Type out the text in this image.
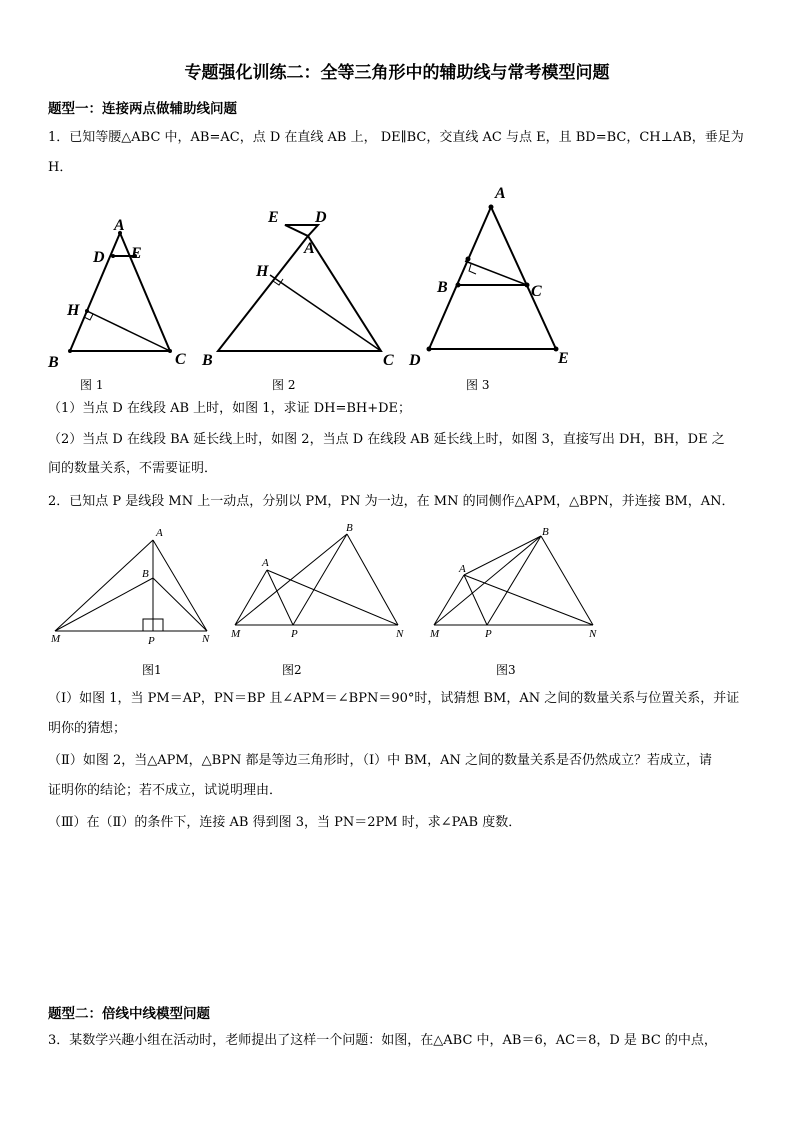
专题强化训练二：全等三角形中的辅助线与常考模型问题
题型一：连接两点做辅助线问题
1．已知等腰△ABC 中，AB=AC，点 D 在直线 AB 上， DE∥BC，交直线 AC 与点 E，且 BD=BC，CH⊥AB，垂足为
H．
A
D E
H
B	C
E D
A
H
B	C
A
B	C
D	E
图 1	图 2	图 3
（1）当点 D 在线段 AB 上时，如图 1，求证 DH=BH+DE；
（2）当点 D 在线段 BA 延长线上时，如图 2，当点 D 在线段 AB 延长线上时，如图 3，直接写出 DH，BH，DE 之
间的数量关系，不需要证明．
2．已知点 P 是线段 MN 上一动点，分别以 PM，PN 为一边，在 MN 的同侧作△APM，△BPN，并连接 BM，AN．
A
B
M	P	N
A
B
M	P	N
A
B
M	P	N
图1	图2	图3
（Ⅰ）如图 1，当 PM＝AP，PN＝BP 且∠APM＝∠BPN＝90°时，试猜想 BM，AN 之间的数量关系与位置关系，并证
明你的猜想；
（Ⅱ）如图 2，当△APM，△BPN 都是等边三角形时，（Ⅰ）中 BM，AN 之间的数量关系是否仍然成立？若成立，请
证明你的结论；若不成立，试说明理由．
（Ⅲ）在（Ⅱ）的条件下，连接 AB 得到图 3，当 PN＝2PM 时，求∠PAB 度数．
题型二：倍线中线模型问题
3．某数学兴趣小组在活动时，老师提出了这样一个问题：如图，在△ABC 中，AB＝6，AC＝8，D 是 BC 的中点，
